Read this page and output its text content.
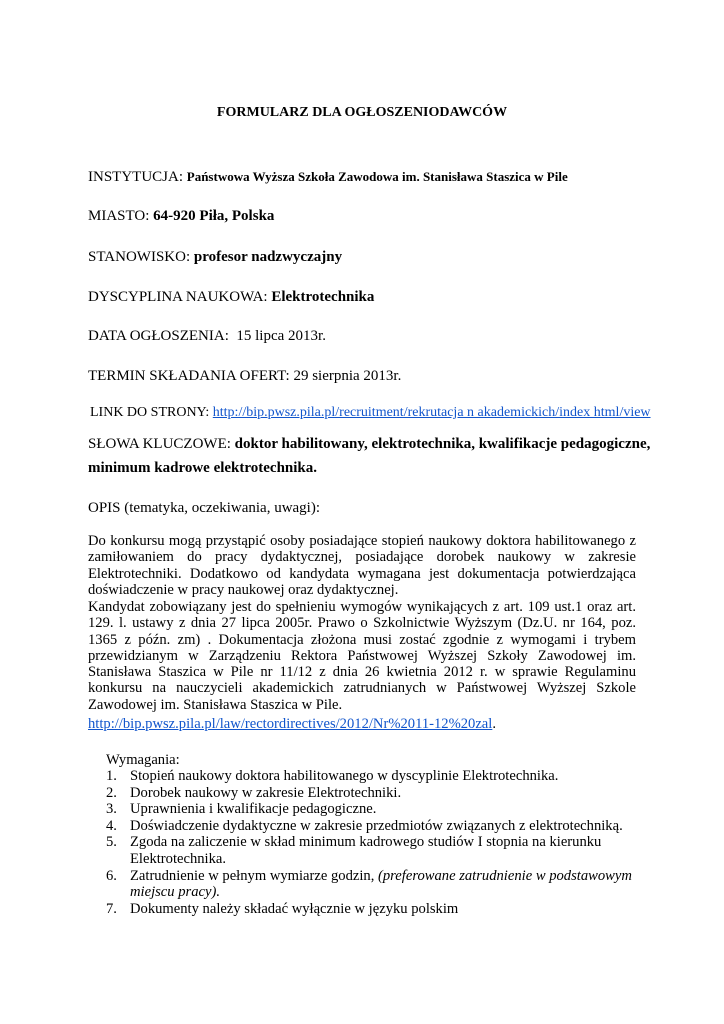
FORMULARZ DLA OGŁOSZENIODAWCÓW

INSTYTUCJA: Państwowa Wyższa Szkoła Zawodowa im. Stanisława Staszica w Pile

MIASTO: 64-920 Piła, Polska

STANOWISKO: profesor nadzwyczajny

DYSCYPLINA NAUKOWA: Elektrotechnika

DATA OGŁOSZENIA:  15 lipca 2013r.

TERMIN SKŁADANIA OFERT: 29 sierpnia 2013r.

LINK DO STRONY: http://bip.pwsz.pila.pl/recruitment/rekrutacja n akademickich/index html/view

SŁOWA KLUCZOWE: doktor habilitowany, elektrotechnika, kwalifikacje pedagogiczne,

minimum kadrowe elektrotechnika.

OPIS (tematyka, oczekiwania, uwagi):

Do konkursu mogą przystąpić osoby posiadające stopień naukowy doktora habilitowanego z zamiłowaniem do pracy dydaktycznej, posiadające dorobek naukowy w zakresie Elektrotechniki. Dodatkowo od kandydata wymagana jest dokumentacja potwierdzająca doświadczenie w pracy naukowej oraz dydaktycznej.

Kandydat zobowiązany jest do spełnieniu wymogów wynikających z art. 109 ust.1 oraz art. 129. l. ustawy z dnia 27 lipca 2005r. Prawo o Szkolnictwie Wyższym (Dz.U. nr 164, poz. 1365 z późn. zm) . Dokumentacja złożona musi zostać zgodnie z wymogami i trybem przewidzianym w Zarządzeniu Rektora Państwowej Wyższej Szkoły Zawodowej im. Stanisława Staszica w Pile nr 11/12 z dnia 26 kwietnia 2012 r. w sprawie Regulaminu konkursu na nauczycieli akademickich zatrudnianych w Państwowej Wyższej Szkole Zawodowej im. Stanisława Staszica w Pile.

http://bip.pwsz.pila.pl/law/rectordirectives/2012/Nr%2011-12%20zal.

Wymagania:

1. Stopień naukowy doktora habilitowanego w dyscyplinie Elektrotechnika.
2. Dorobek naukowy w zakresie Elektrotechniki.
3. Uprawnienia i kwalifikacje pedagogiczne.
4. Doświadczenie dydaktyczne w zakresie przedmiotów związanych z elektrotechniką.
5. Zgoda na zaliczenie w skład minimum kadrowego studiów I stopnia na kierunku Elektrotechnika.
6. Zatrudnienie w pełnym wymiarze godzin, (preferowane zatrudnienie w podstawowym miejscu pracy).
7. Dokumenty należy składać wyłącznie w języku polskim
